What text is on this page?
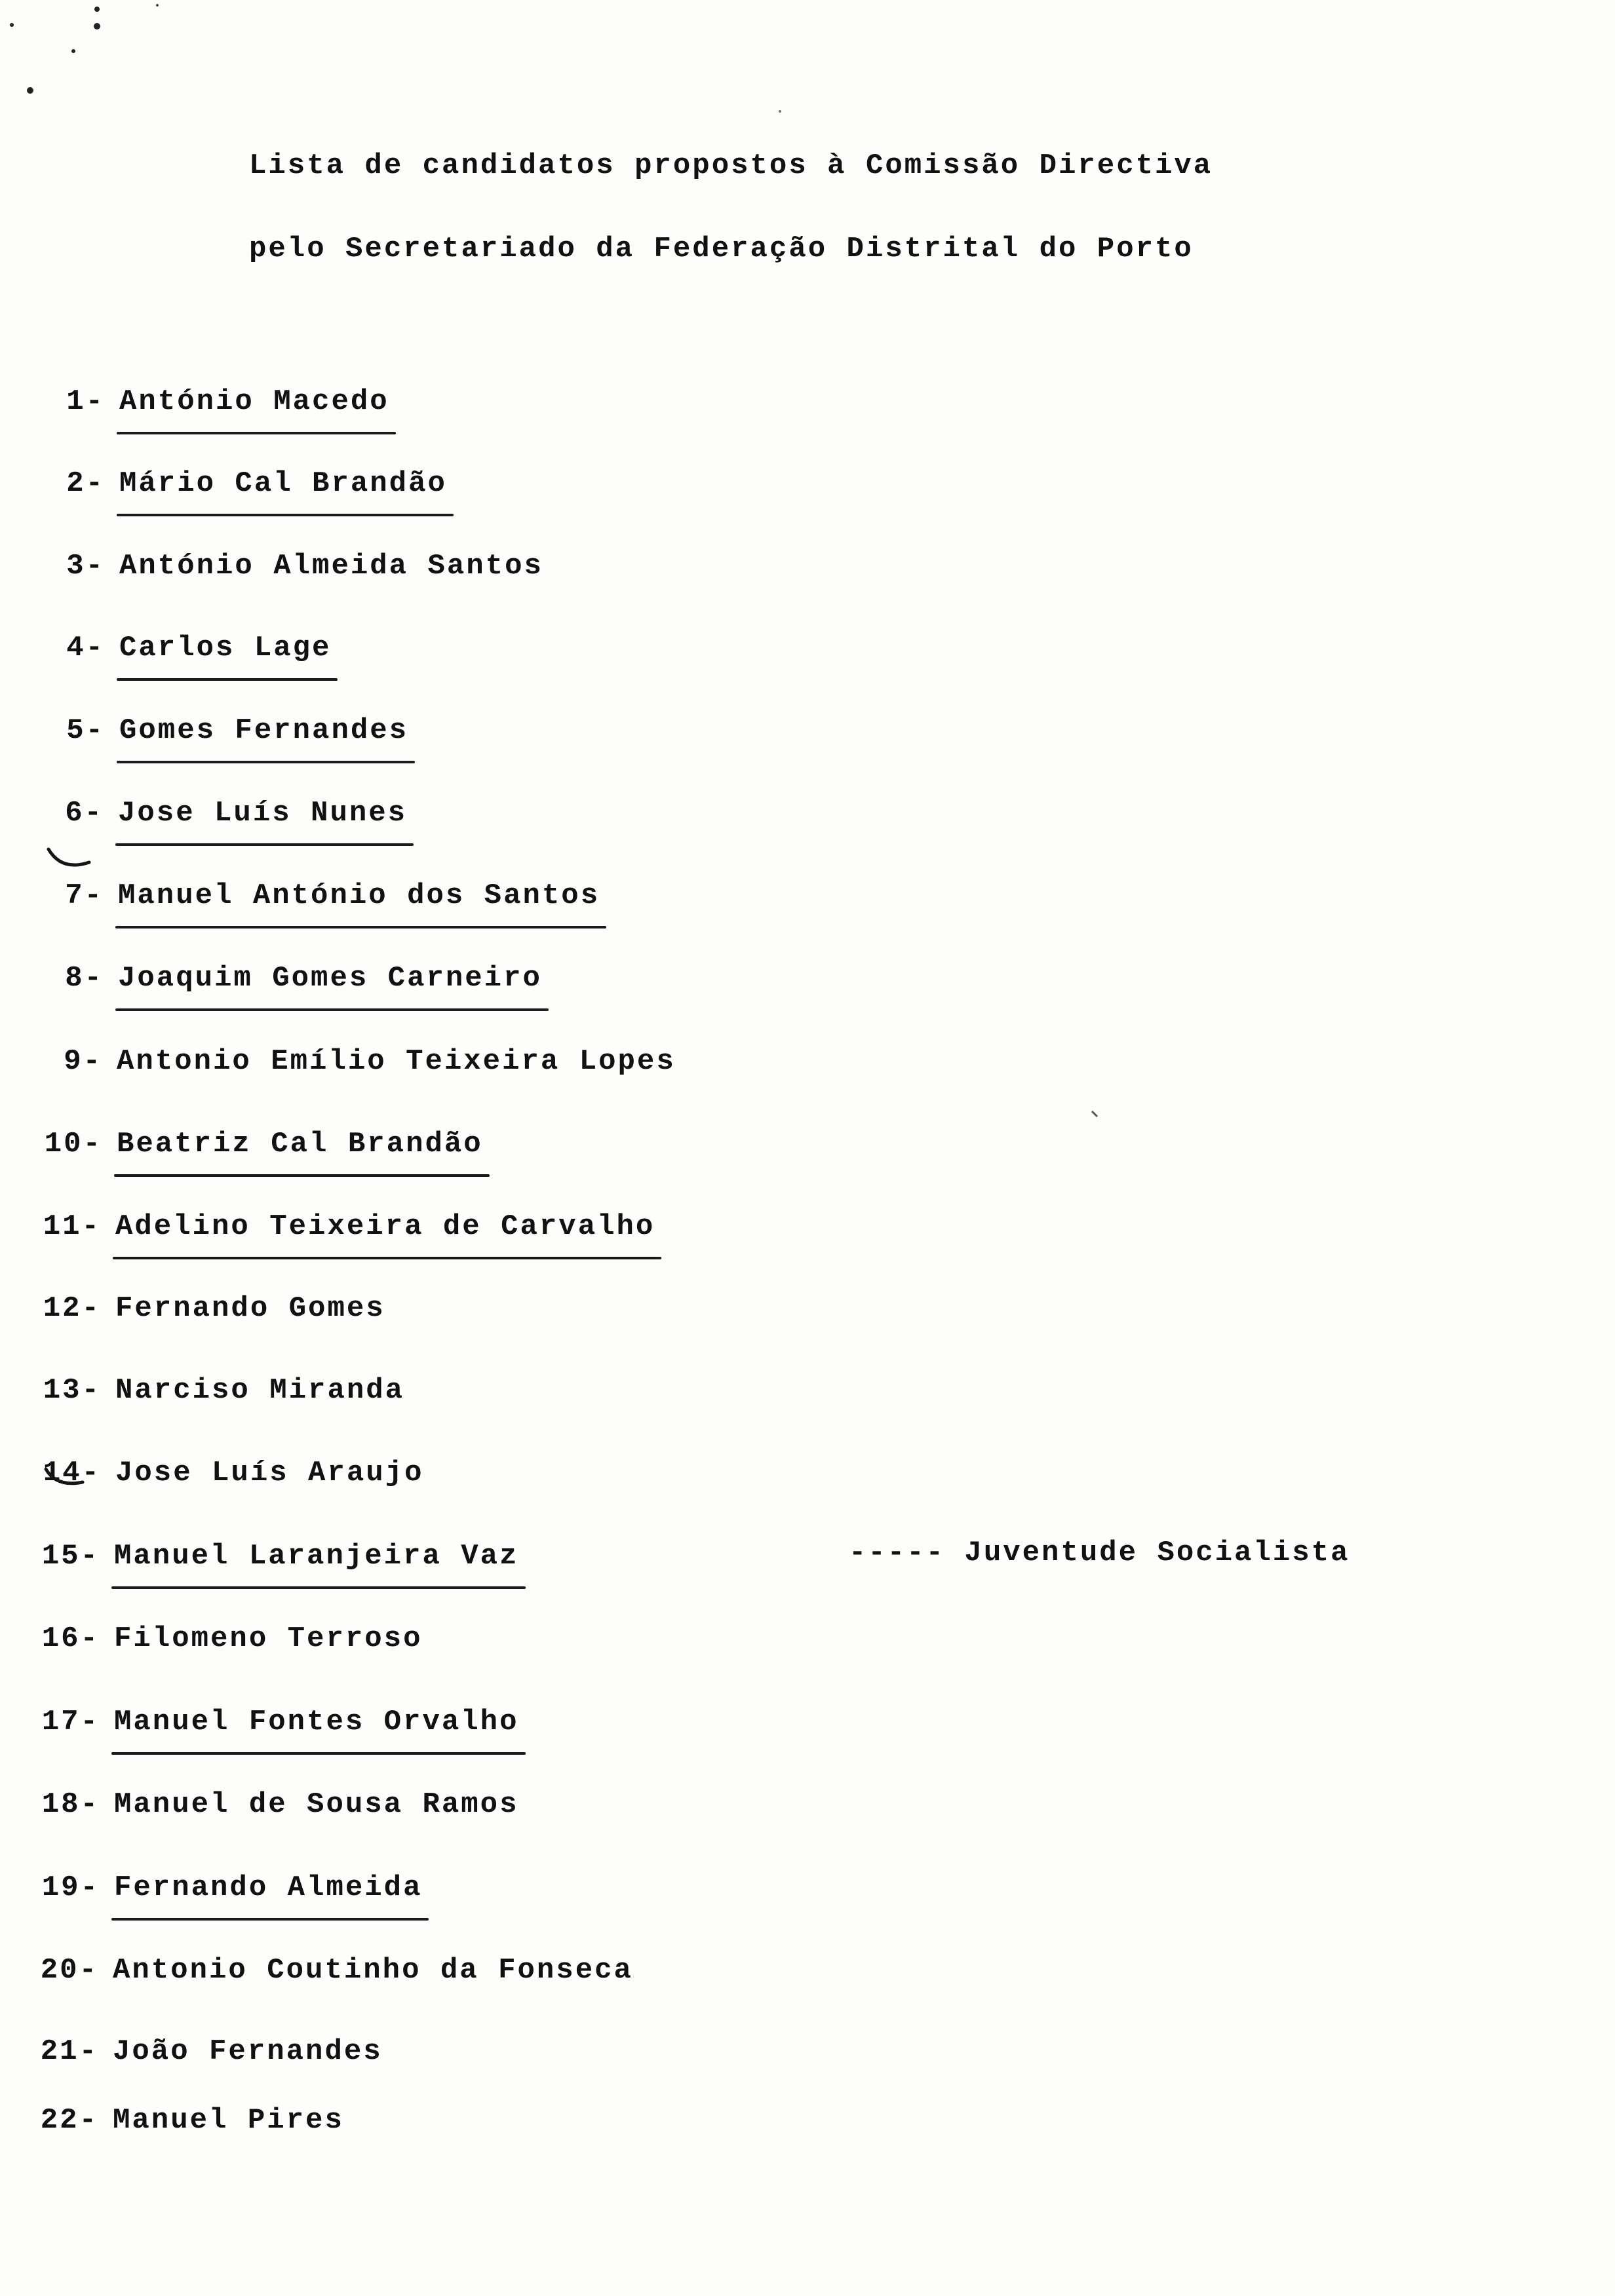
Lista de candidatos propostos à Comissão Directiva
pelo Secretariado da Federação Distrital do Porto
1- António Macedo
2- Mário Cal Brandão
3- António Almeida Santos
4- Carlos Lage
5- Gomes Fernandes
6- Jose Luís Nunes
7- Manuel António dos Santos
8- Joaquim Gomes Carneiro
9- Antonio Emílio Teixeira Lopes
10- Beatriz Cal Brandão
11- Adelino Teixeira de Carvalho
12- Fernando Gomes
13- Narciso Miranda
14- Jose Luís Araujo
15- Manuel Laranjeira Vaz
16- Filomeno Terroso
17- Manuel Fontes Orvalho
18- Manuel de Sousa Ramos
19- Fernando Almeida
20- Antonio Coutinho da Fonseca
21- João Fernandes
22- Manuel Pires
----- Juventude Socialista
